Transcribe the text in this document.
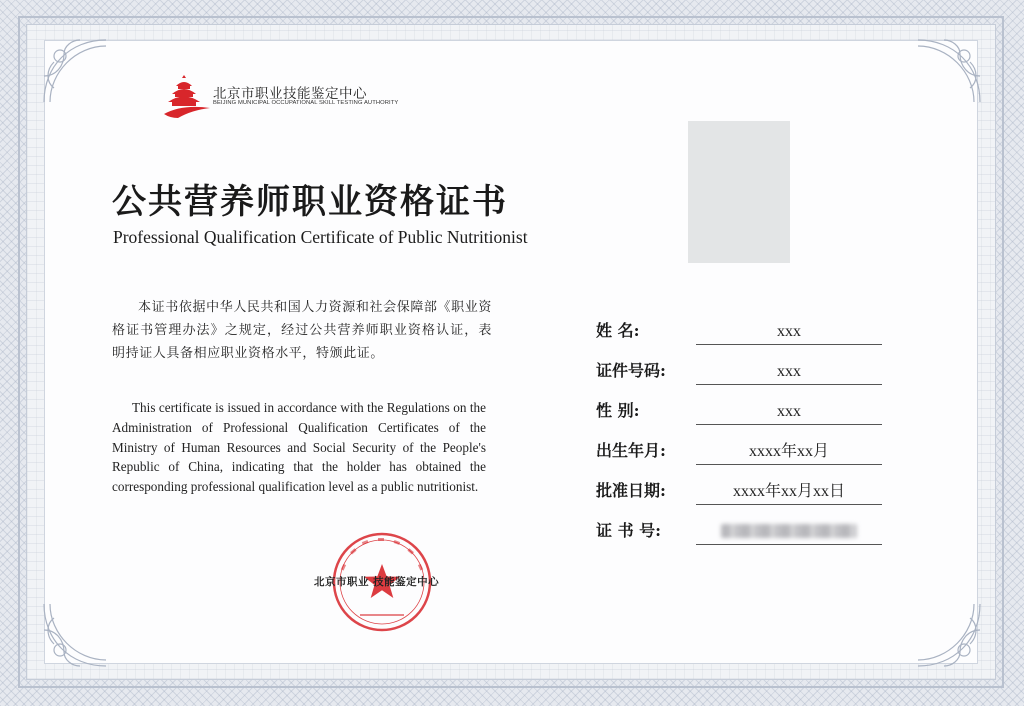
北京市职业技能鉴定中心
BEIJING MUNICIPAL OCCUPATIONAL SKILL TESTING AUTHORITY
公共营养师职业资格证书
Professional Qualification Certificate of Public Nutritionist

本证书依据中华人民共和国人力资源和社会保障部《职业资格证书管理办法》之规定，经过公共营养师职业资格认证，表明持证人具备相应职业资格水平，特颁此证。

This certificate is issued in accordance with the Regulations on the Administration of Professional Qualification Certificates of the Ministry of Human Resources and Social Security of the People's Republic of China, indicating that the holder has obtained the corresponding professional qualification level as a public nutritionist.
姓 名:	xxx
证件号码:	xxx
性 别:	xxx
出生年月:	xxxx年xx月
批准日期:	xxxx年xx月xx日
证 书 号:
北京市职业 技能鉴定中心
